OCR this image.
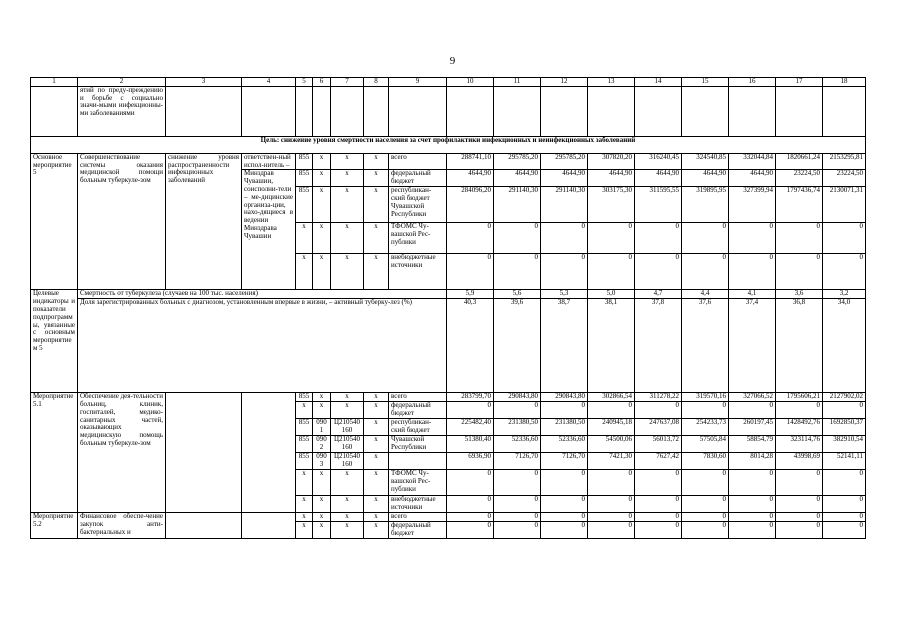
9
1	2	3	4	5	6	7	8	9	10	11	12	13	14	15	16	17	18
	ятий по преду-преждению и борьбе с социально значи-мыми инфекционны-ми заболеваниями																
Цель: снижение уровня смертности населения за счет профилактики инфекционных и неинфекционных заболеваний																	
Основное мероприятие 5	Совершенствование системы оказания медицинской помощи больным туберкуле-зом	снижение уровня распространенности инфекционных заболеваний	ответствен-ный испол-нитель –	855	x	x	x	всего	288741,10	295785,20	295785,20	307820,20	316240,45	324540,85	332044,84	1820661,24	2153295,81
			Минздрав Чувашии, соисполни-тели – ме-дицинские организа-ции, нахо-дящиеся в ведении Минздрава Чувашии	855	x	x	x	федеральный бюджет	4644,90	4644,90	4644,90	4644,90	4644,90	4644,90	4644,90	23224,50	23224,50
				855	x	x	x	республикан-ский бюджет Чувашской Республики	284096,20	291140,30	291140,30	303175,30	311595,55	319895,95	327399,94	1797436,74	2130071,31
				x	x	x	x	ТФОМС Чу-вашской Рес-публики	0	0	0	0	0	0	0	0	0
				x	x	x	x	внебюджетные источники	0	0	0	0	0	0	0	0	0
Целевые индикаторы и показатели подпрограммы, увязанные с основным мероприятием 5	Смертность от туберкулеза (случаев на 100 тыс. населения)								5,9	5,6	5,3	5,0	4,7	4,4	4,1	3,6	3,2
	Доля зарегистрированных больных с диагнозом, установленным впервые в жизни, – активный туберку-лез (%)								40,3	39,6	38,7	38,1	37,8	37,6	37,4	36,8	34,0
Мероприятие 5.1	Обеспечение дея-тельности больниц, клиник, госпиталей, медико-санитарных частей, оказывающих медицинскую помощь больным туберкуле-зом			855	x	x	x	всего	283799,70	290843,80	290843,80	302866,54	311278,22	319570,16	327066,52	1795606,21	2127902,02
				x	x	x	x	федеральный бюджет	0	0	0	0	0	0	0	0	0
				855	0901	Ц210540 160	x	республикан-ский бюджет	225482,40	231380,50	231380,50	240945,18	247637,08	254233,73	260197,45	1428492,76	1692850,37
				855	0902	Ц210540 160	x	Чувашской Республики	51380,40	52336,60	52336,60	54500,06	56013,72	57505,84	58854,79	323114,76	382910,54
				855	0903	Ц210540 160	x		6936,90	7126,70	7126,70	7421,30	7627,42	7830,60	8014,28	43998,69	52141,11
				x	x	x	x	ТФОМС Чу-вашской Рес-публики	0	0	0	0	0	0	0	0	0
				x	x	x	x	внебюджетные источники	0	0	0	0	0	0	0	0	0
Мероприятие 5.2	Финансовое обеспе-чение закупок анти-бактериальных и			x	x	x	x	всего	0	0	0	0	0	0	0	0	0
				x	x	x	x	федеральный бюджет	0	0	0	0	0	0	0	0	0
